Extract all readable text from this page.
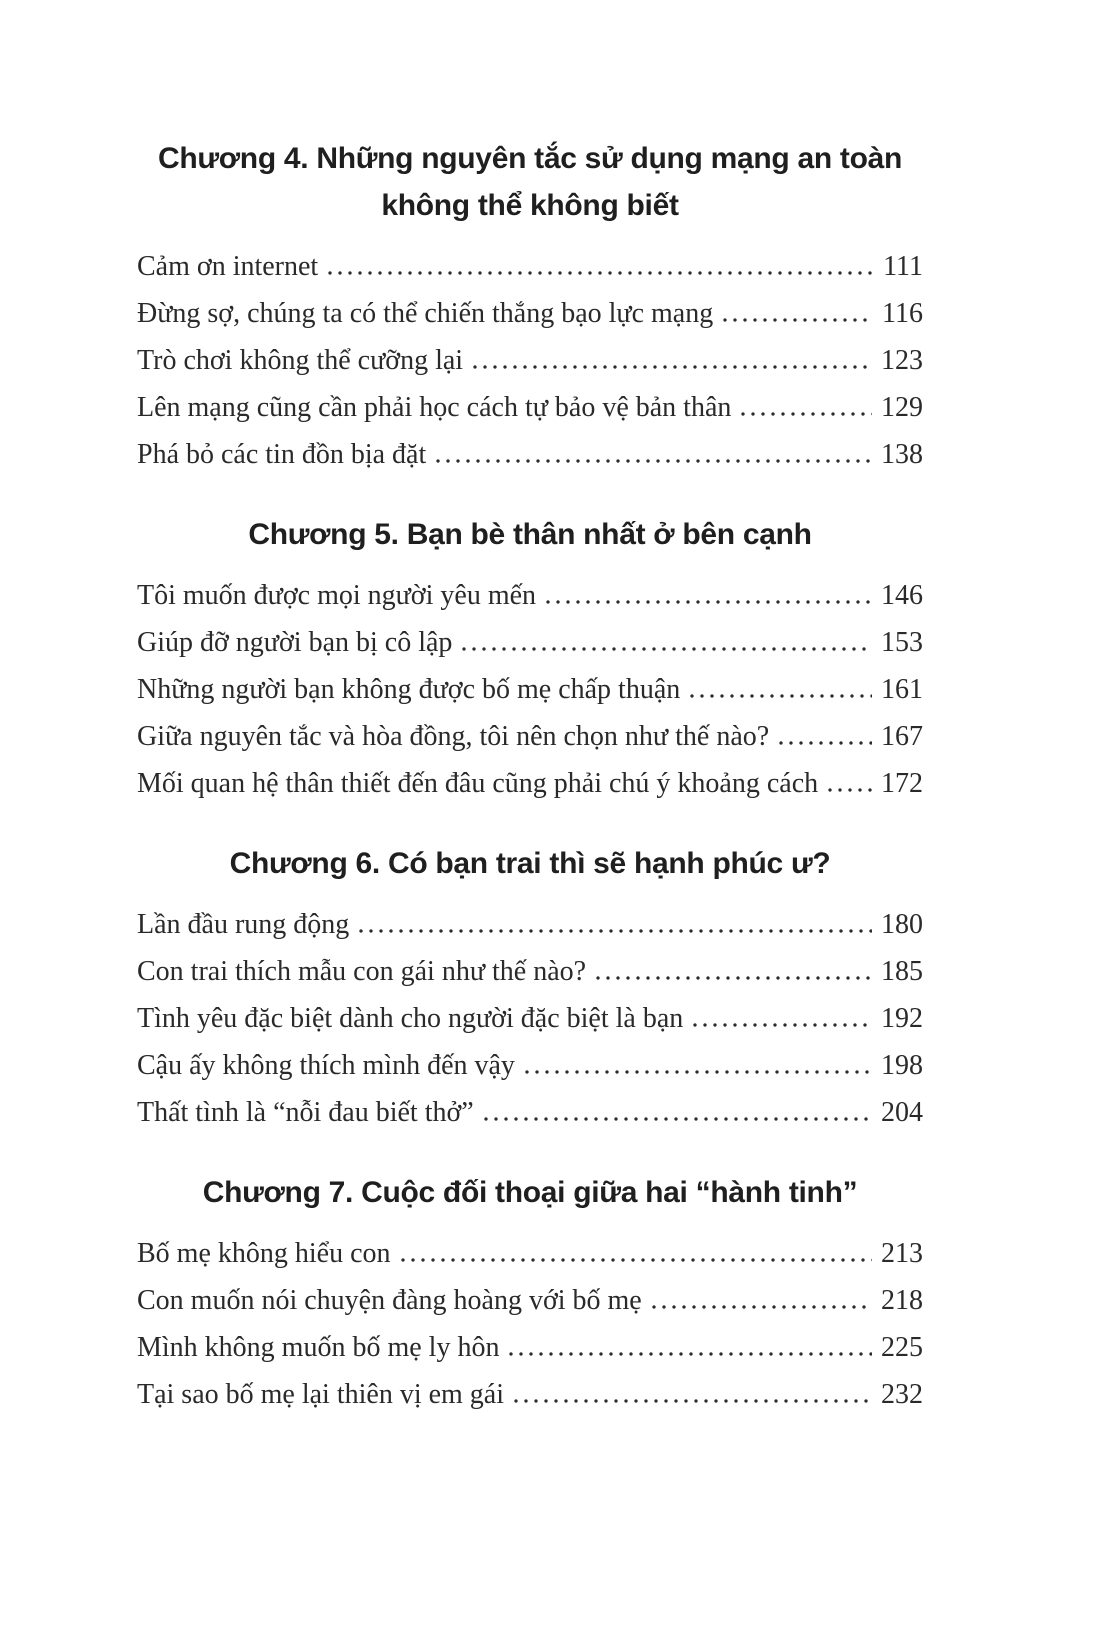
Chương 4. Những nguyên tắc sử dụng mạng an toàn
không thể không biết
Cảm ơn internet	111
Đừng sợ, chúng ta có thể chiến thắng bạo lực mạng	116
Trò chơi không thể cưỡng lại	123
Lên mạng cũng cần phải học cách tự bảo vệ bản thân	129
Phá bỏ các tin đồn bịa đặt	138
Chương 5. Bạn bè thân nhất ở bên cạnh
Tôi muốn được mọi người yêu mến	146
Giúp đỡ người bạn bị cô lập	153
Những người bạn không được bố mẹ chấp thuận	161
Giữa nguyên tắc và hòa đồng, tôi nên chọn như thế nào?	167
Mối quan hệ thân thiết đến đâu cũng phải chú ý khoảng cách 172
Chương 6. Có bạn trai thì sẽ hạnh phúc ư?
Lần đầu rung động	180
Con trai thích mẫu con gái như thế nào?	185
Tình yêu đặc biệt dành cho người đặc biệt là bạn	192
Cậu ấy không thích mình đến vậy	198
Thất tình là “nỗi đau biết thở”	204
Chương 7. Cuộc đối thoại giữa hai “hành tinh”
Bố mẹ không hiểu con	213
Con muốn nói chuyện đàng hoàng với bố mẹ	218
Mình không muốn bố mẹ ly hôn	225
Tại sao bố mẹ lại thiên vị em gái	232
